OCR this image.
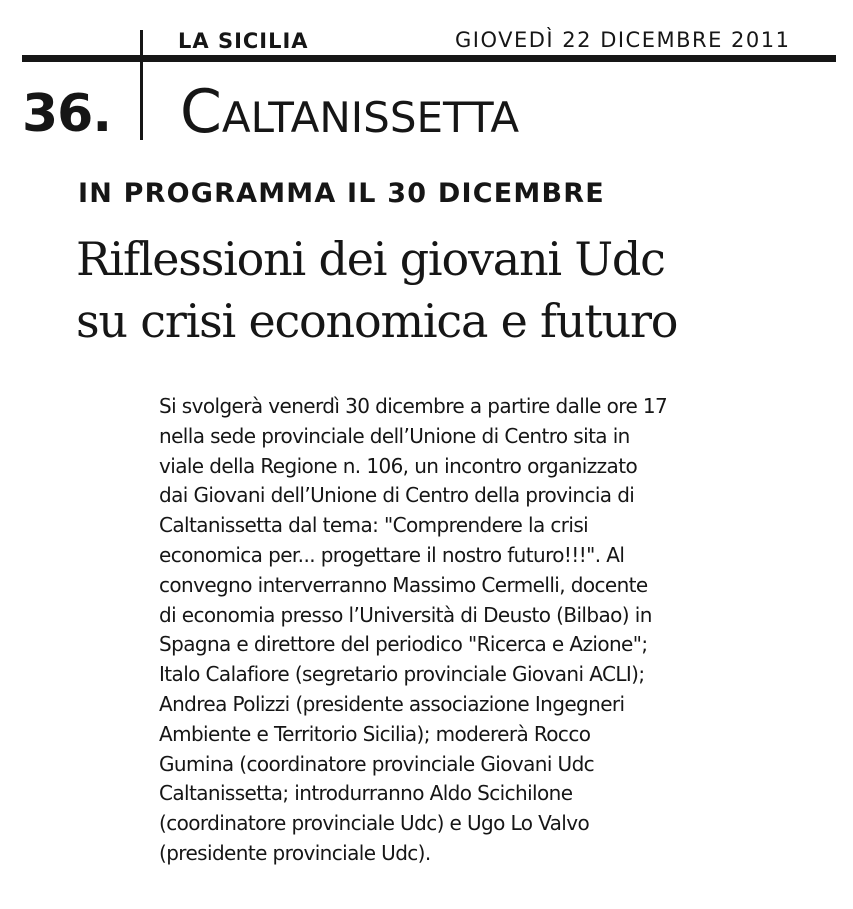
LA SICILIA	GIOVEDÌ 22 DICEMBRE 2011
36. Caltanissetta
IN PROGRAMMA IL 30 DICEMBRE
Riflessioni dei giovani Udc
su crisi economica e futuro
Si svolgerà venerdì 30 dicembre a partire dalle ore 17
nella sede provinciale dell’Unione di Centro sita in
viale della Regione n. 106, un incontro organizzato
dai Giovani dell’Unione di Centro della provincia di
Caltanissetta dal tema: "Comprendere la crisi
economica per... progettare il nostro futuro!!!". Al
convegno interverranno Massimo Cermelli, docente
di economia presso l’Università di Deusto (Bilbao) in
Spagna e direttore del periodico "Ricerca e Azione";
Italo Calafiore (segretario provinciale Giovani ACLI);
Andrea Polizzi (presidente associazione Ingegneri
Ambiente e Territorio Sicilia); modererà Rocco
Gumina (coordinatore provinciale Giovani Udc
Caltanissetta; introdurranno Aldo Scichilone
(coordinatore provinciale Udc) e Ugo Lo Valvo
(presidente provinciale Udc).
